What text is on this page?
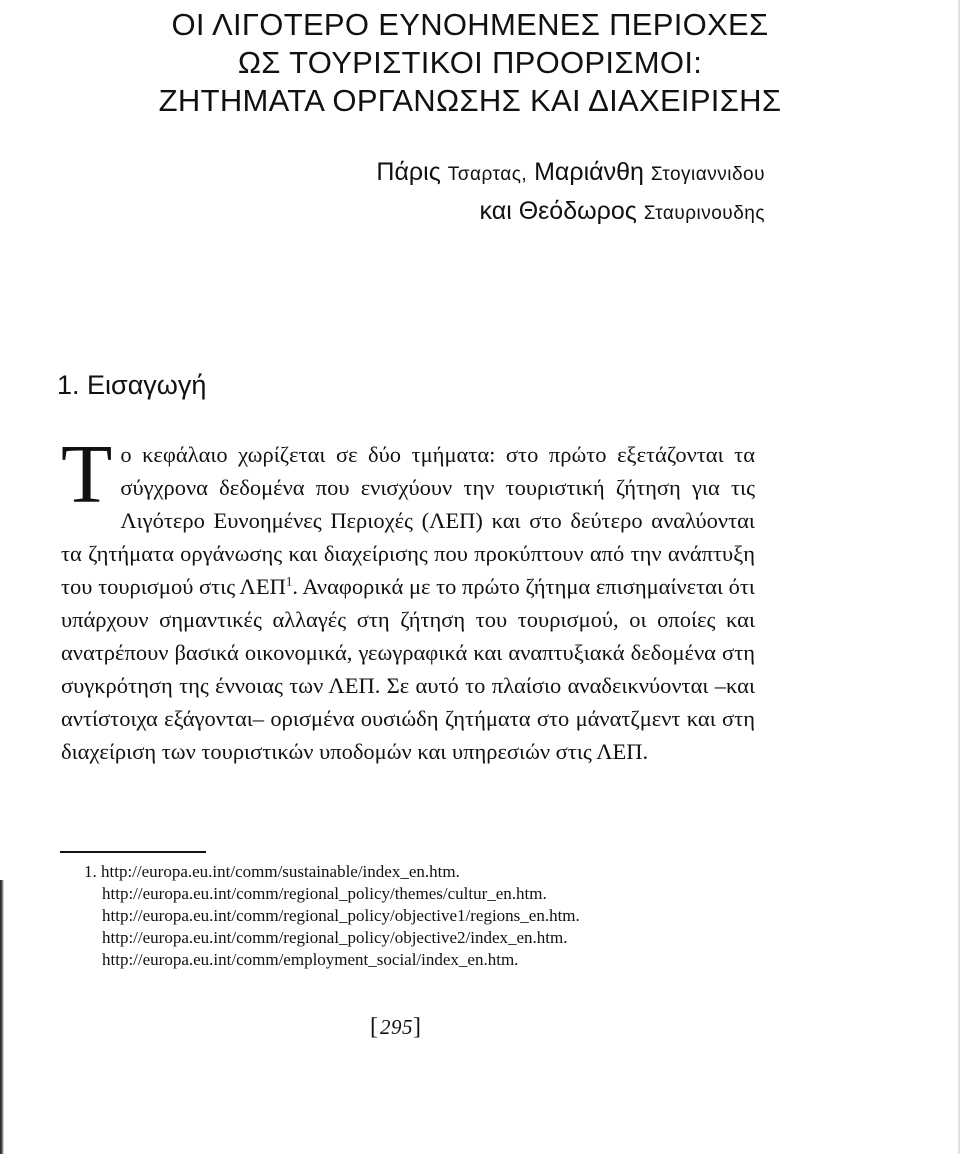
ΟΙ ΛΙΓΟΤΕΡΟ ΕΥΝΟΗΜΕΝΕΣ ΠΕΡΙΟΧΕΣ
ΩΣ ΤΟΥΡΙΣΤΙΚΟΙ ΠΡΟΟΡΙΣΜΟΙ:
ΖΗΤΗΜΑΤΑ ΟΡΓΑΝΩΣΗΣ ΚΑΙ ΔΙΑΧΕΙΡΙΣΗΣ
Πάρις Τσαρτας, Μαριάνθη Στογιαννιδου
και Θεόδωρος Σταυρινουδης
1. Εισαγωγή

Το κεφάλαιο χωρίζεται σε δύο τμήματα: στο πρώτο εξετάζονται τα σύγχρονα δεδομένα που ενισχύουν την τουριστική ζήτηση για τις Λιγότερο Ευνοημένες Περιοχές (ΛΕΠ) και στο δεύτερο αναλύονται τα ζητήματα οργάνωσης και διαχείρισης που προκύπτουν από την ανάπτυξη του τουρισμού στις ΛΕΠ$^1$. Αναφορικά με το πρώτο ζήτημα επισημαίνεται ότι υπάρχουν σημαντικές αλλαγές στη ζήτηση του τουρισμού, οι οποίες και ανατρέπουν βασικά οικονομικά, γεωγραφικά και αναπτυξιακά δεδομένα στη συγκρότηση της έννοιας των ΛΕΠ. Σε αυτό το πλαίσιο αναδεικνύονται –και αντίστοιχα εξάγονται– ορισμένα ουσιώδη ζητήματα στο μάνατζμεντ και στη διαχείριση των τουριστικών υποδομών και υπηρεσιών στις ΛΕΠ.

1. http://europa.eu.int/comm/sustainable/index_en.htm.
http://europa.eu.int/comm/regional_policy/themes/cultur_en.htm.
http://europa.eu.int/comm/regional_policy/objective1/regions_en.htm.
http://europa.eu.int/comm/regional_policy/objective2/index_en.htm.
http://europa.eu.int/comm/employment_social/index_en.htm.
[295]
